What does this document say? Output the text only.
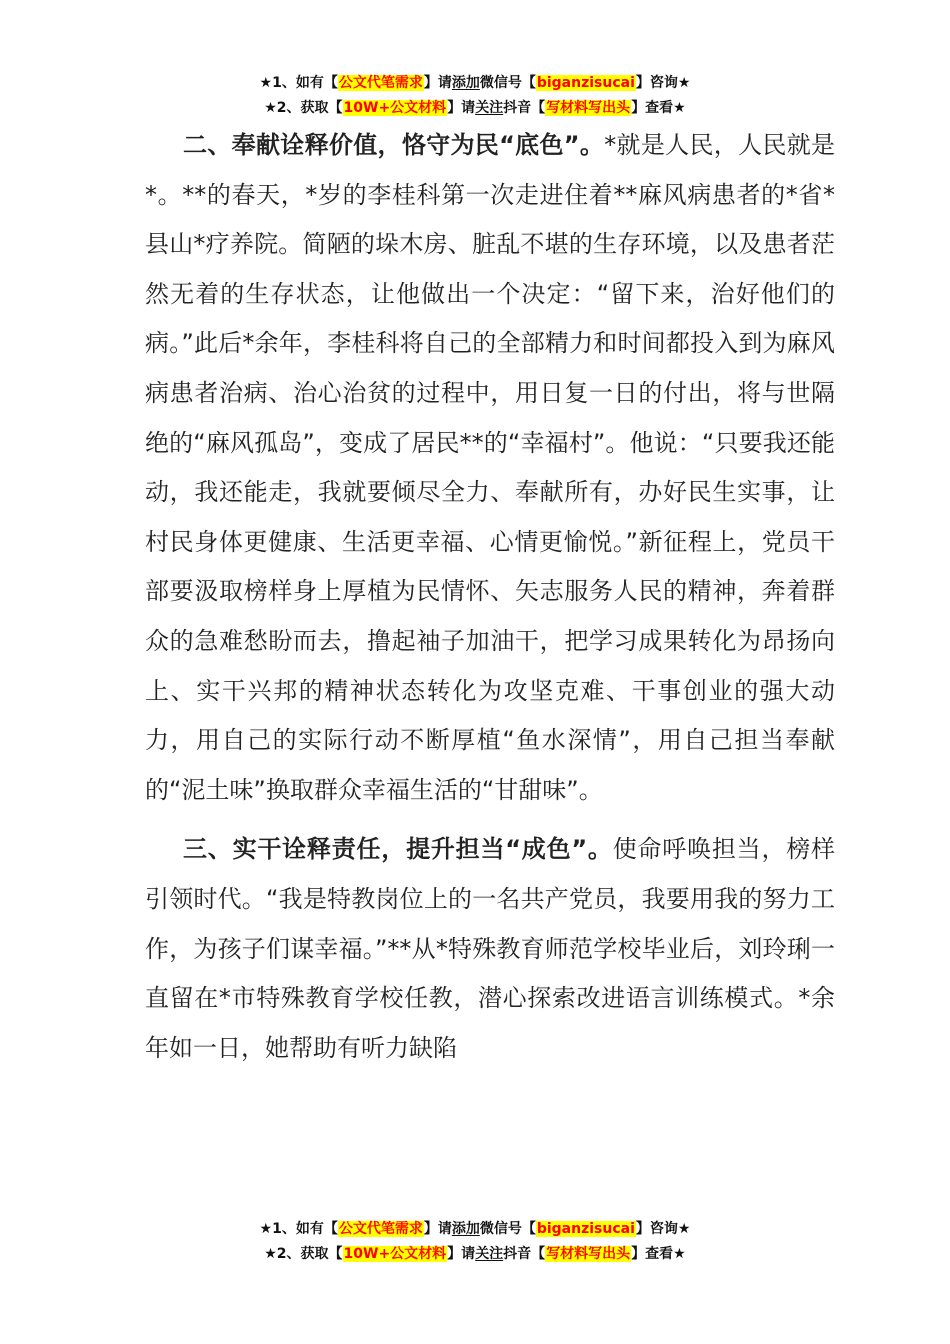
★1、如有【公文代笔需求】请添加微信号【biganzisucai】咨询★
★2、获取【10W+公文材料】请关注抖音【写材料写出头】查看★

二、奉献诠释价值，恪守为民“底色”。*就是人民，人民就是*。**的春天，*岁的李桂科第一次走进住着**麻风病患者的*省*县山*疗养院。简陋的垛木房、脏乱不堪的生存环境，以及患者茫然无着的生存状态，让他做出一个决定：“留下来，治好他们的病。”此后*余年，李桂科将自己的全部精力和时间都投入到为麻风病患者治病、治心治贫的过程中，用日复一日的付出，将与世隔绝的“麻风孤岛”，变成了居民**的“幸福村”。他说：“只要我还能动，我还能走，我就要倾尽全力、奉献所有，办好民生实事，让村民身体更健康、生活更幸福、心情更愉悦。”新征程上，党员干部要汲取榜样身上厚植为民情怀、矢志服务人民的精神，奔着群众的急难愁盼而去，撸起袖子加油干，把学习成果转化为昂扬向上、实干兴邦的精神状态转化为攻坚克难、干事创业的强大动力，用自己的实际行动不断厚植“鱼水深情”，用自己担当奉献的“泥土味”换取群众幸福生活的“甘甜味”。

三、实干诠释责任，提升担当“成色”。使命呼唤担当，榜样引领时代。“我是特教岗位上的一名共产党员，我要用我的努力工作，为孩子们谋幸福。”**从*特殊教育师范学校毕业后，刘玲琍一直留在*市特殊教育学校任教，潜心探索改进语言训练模式。*余年如一日，她帮助有听力缺陷

★1、如有【公文代笔需求】请添加微信号【biganzisucai】咨询★
★2、获取【10W+公文材料】请关注抖音【写材料写出头】查看★
